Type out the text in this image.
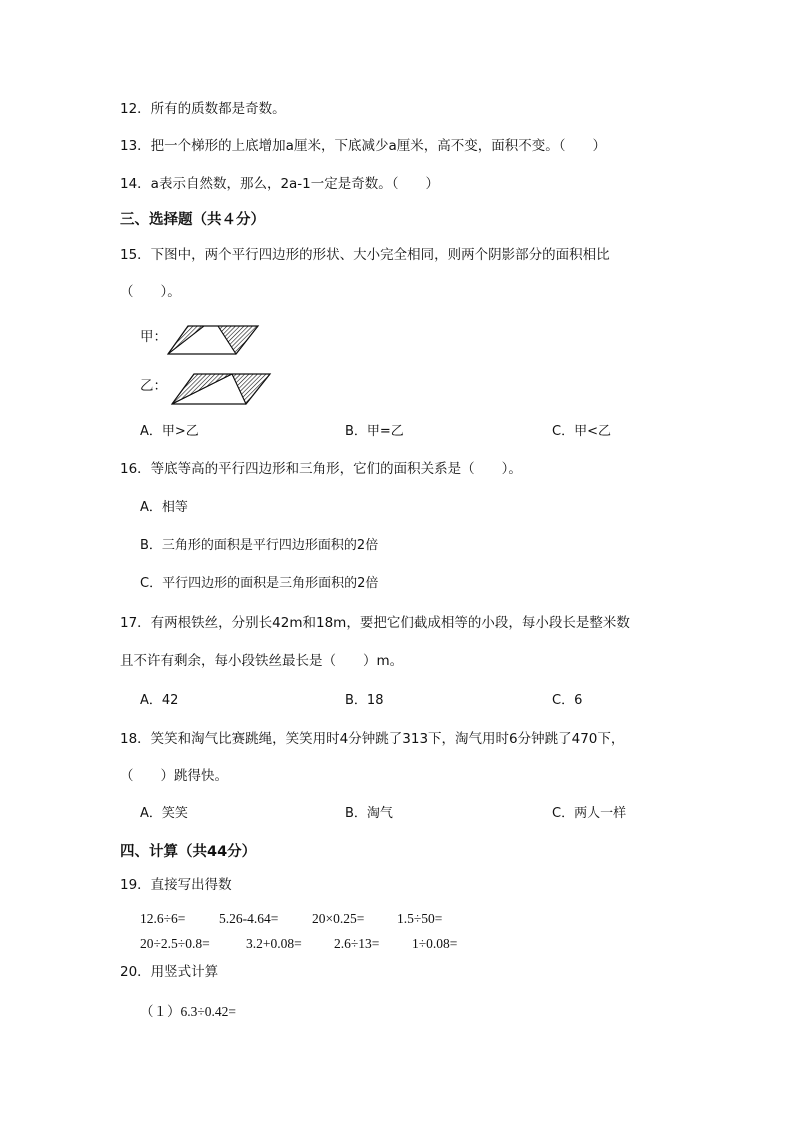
12．所有的质数都是奇数。
13．把一个梯形的上底增加a厘米，下底减少a厘米，高不变，面积不变。（　　）
14．a表示自然数，那么，2a-1一定是奇数。（　　）
三、选择题（共４分）
15．下图中，两个平行四边形的形状、大小完全相同，则两个阴影部分的面积相比
（　　）。
甲：
乙：
A．甲>乙	B．甲=乙	C．甲<乙
16．等底等高的平行四边形和三角形，它们的面积关系是（　　）。
A．相等
B．三角形的面积是平行四边形面积的2倍
C．平行四边形的面积是三角形面积的2倍
17．有两根铁丝，分别长42m和18m，要把它们截成相等的小段，每小段长是整米数
且不许有剩余，每小段铁丝最长是（　　）m。
A．42	B．18	C．6
18．笑笑和淘气比赛跳绳，笑笑用时4分钟跳了313下，淘气用时6分钟跳了470下，
（　　）跳得快。
A．笑笑	B．淘气	C．两人一样
四、计算（共44分）
19．直接写出得数
12.6÷6= 5.26-4.64= 20×0.25= 1.5÷50=
20÷2.5÷0.8=	3.2+0.08= 2.6÷13= 1÷0.08=
20．用竖式计算
（１）6.3÷0.42=
